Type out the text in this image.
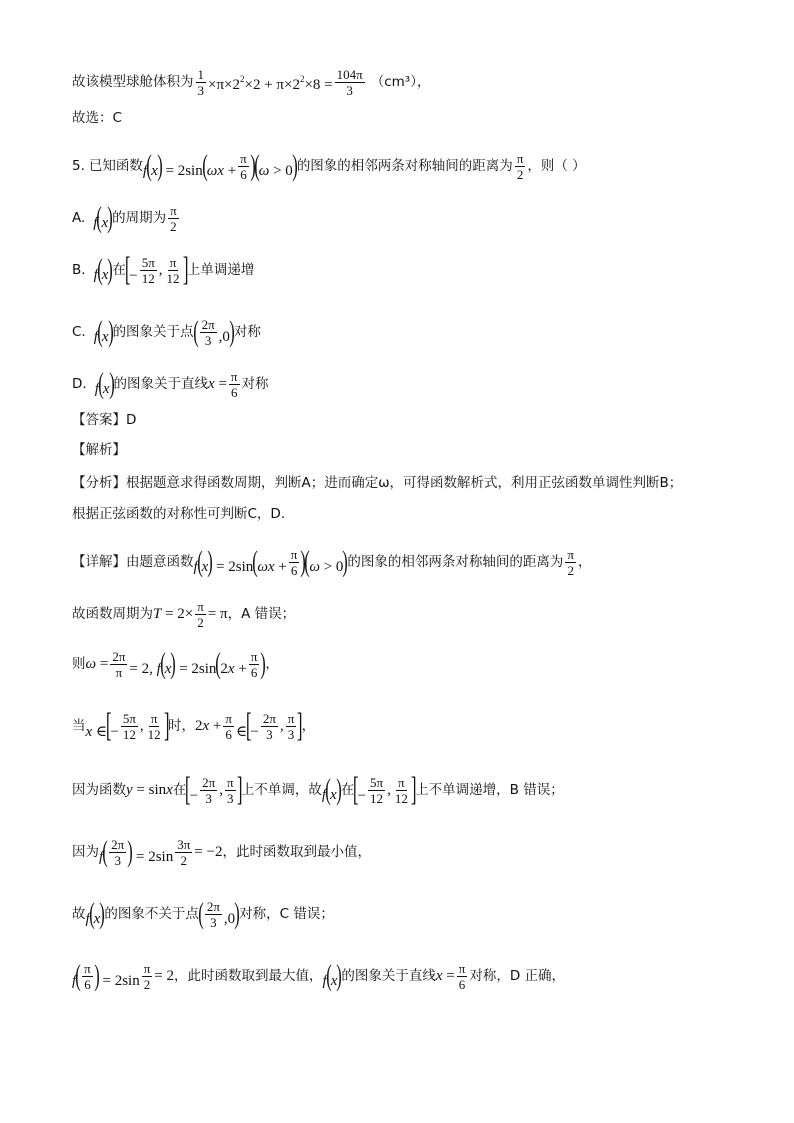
故该模型球舱体积为 $\frac{1}{3} \times\pi\times 2^2\times 2 + \pi\times 2^2\times 8 = \frac{104\pi}{3} (cm^3)$，
故选：C
5. 已知函数 $f(x) = 2\sin(\omega x + \frac{\pi}{6} )(\omega > 0)$ 的图象的相邻两条对称轴间的距离为 $\frac{\pi}{2}$ ，则（ ）
A. f(x) 的周期为 $\frac{\pi}{2}$
B. f(x) 在
[− $\frac{5\pi}{12}$ , $\frac{\pi}{12}$ ]
上单调递增
C. f(x) 的图象关于点 ( $\frac{2\pi}{3} ,0$) 对称
D. f(x) 的图象关于直线 $x = \frac{\pi}{6}$ 对称
【答案】 D
【解析】
【分析】 根据题意求得函数周期，判断A；进而确定ω，可得函数解析式，利用正弦函数单调性判断B；
根据正弦函数的对称性可判断C，D.
【详解】 由题意函数 $f(x) = 2\sin(\omega x + \frac{\pi}{6} )(\omega > 0)$ 的图象的相邻两条对称轴间的距离为 $\frac{\pi}{2}$ ，
故函数周期为 $T = 2\times \frac{\pi}{2} = \pi$ ，A 错误；
则 $\omega = \frac{2\pi}{\pi} = 2$, $f(x) = 2\sin(2x + \frac{\pi}{6}$ ) ，
当 x ∈[− $\frac{5\pi}{12}$ , $\frac{\pi}{12}$ ]
时， $2x + \frac{\pi}{6}$ ∈[− $\frac{2\pi}{3}$ , $\frac{\pi}{3}$ ]
，
因为函数 y = sinx 在
[− $\frac{2\pi}{3}$ , $\frac{\pi}{3}$ ]
上不单调，故 f(x) 在
[− $\frac{5\pi}{12}$ , $\frac{\pi}{12}$ ]
上不单调递增，B 错误；
因为 $f( \frac{2\pi}{3}$ ) = $2\sin \frac{3\pi}{2} = -2$ ，此时函数取到最小值，
故 f(x) 的图象不关于点 ( $\frac{2\pi}{3} ,0$) 对称，C 错误；
$f( \frac{\pi}{6}$ ) = $2\sin \frac{\pi}{2} = 2$ ，此时函数取到最大值， f(x) 的图象关于直线 $x = \frac{\pi}{6}$ 对称，D 正确，
